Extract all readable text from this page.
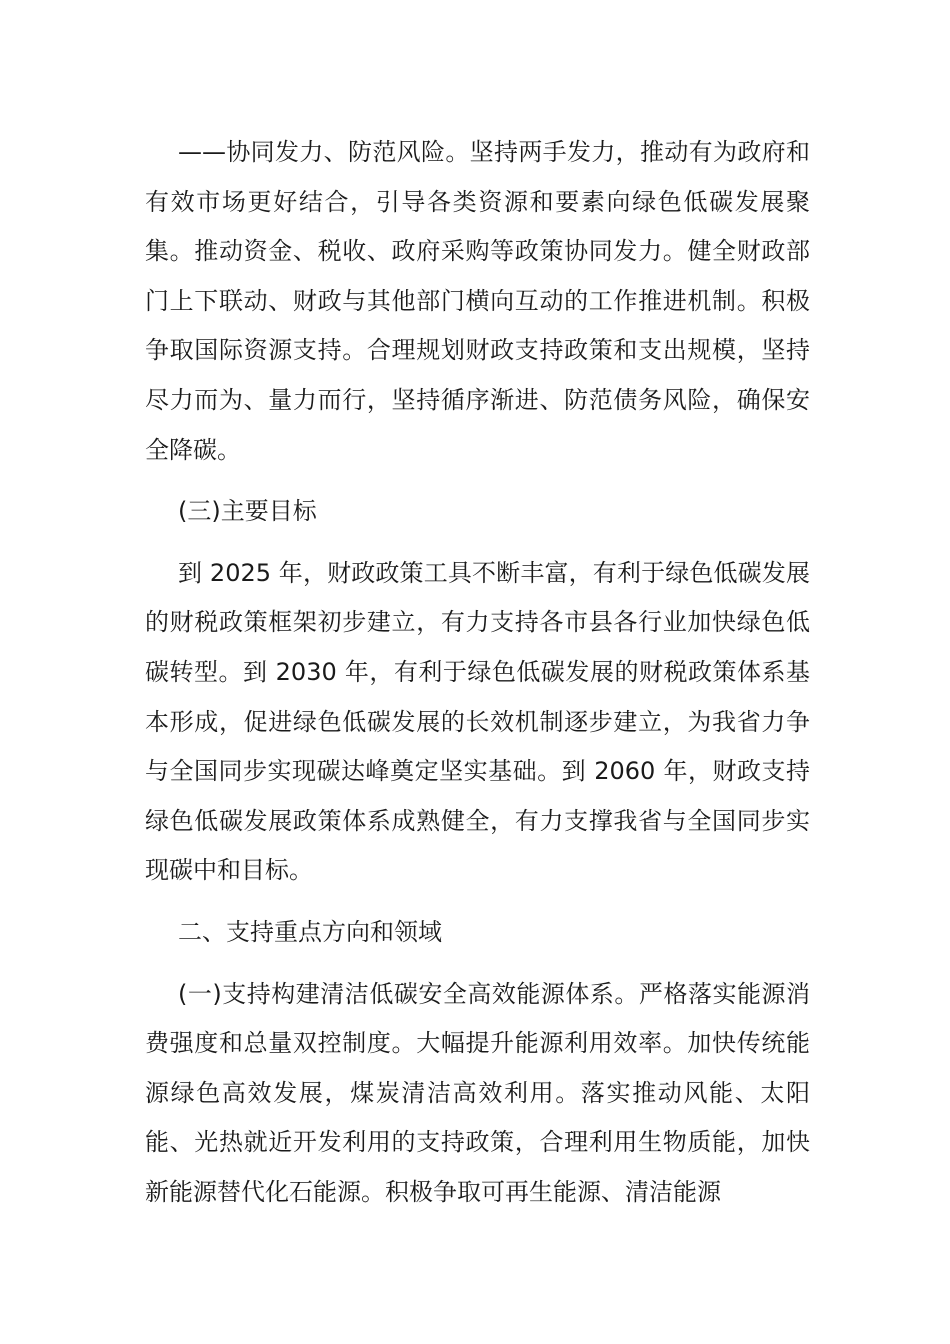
——协同发力、防范风险。坚持两手发力，推动有为政府和有效市场更好结合，引导各类资源和要素向绿色低碳发展聚集。推动资金、税收、政府采购等政策协同发力。健全财政部门上下联动、财政与其他部门横向互动的工作推进机制。积极争取国际资源支持。合理规划财政支持政策和支出规模，坚持尽力而为、量力而行，坚持循序渐进、防范债务风险，确保安全降碳。

(三)主要目标

到 2025 年，财政政策工具不断丰富，有利于绿色低碳发展的财税政策框架初步建立，有力支持各市县各行业加快绿色低碳转型。到 2030 年，有利于绿色低碳发展的财税政策体系基本形成，促进绿色低碳发展的长效机制逐步建立，为我省力争与全国同步实现碳达峰奠定坚实基础。到 2060 年，财政支持绿色低碳发展政策体系成熟健全，有力支撑我省与全国同步实现碳中和目标。

二、支持重点方向和领域

(一)支持构建清洁低碳安全高效能源体系。严格落实能源消费强度和总量双控制度。大幅提升能源利用效率。加快传统能源绿色高效发展，煤炭清洁高效利用。落实推动风能、太阳能、光热就近开发利用的支持政策，合理利用生物质能，加快新能源替代化石能源。积极争取可再生能源、清洁能源
